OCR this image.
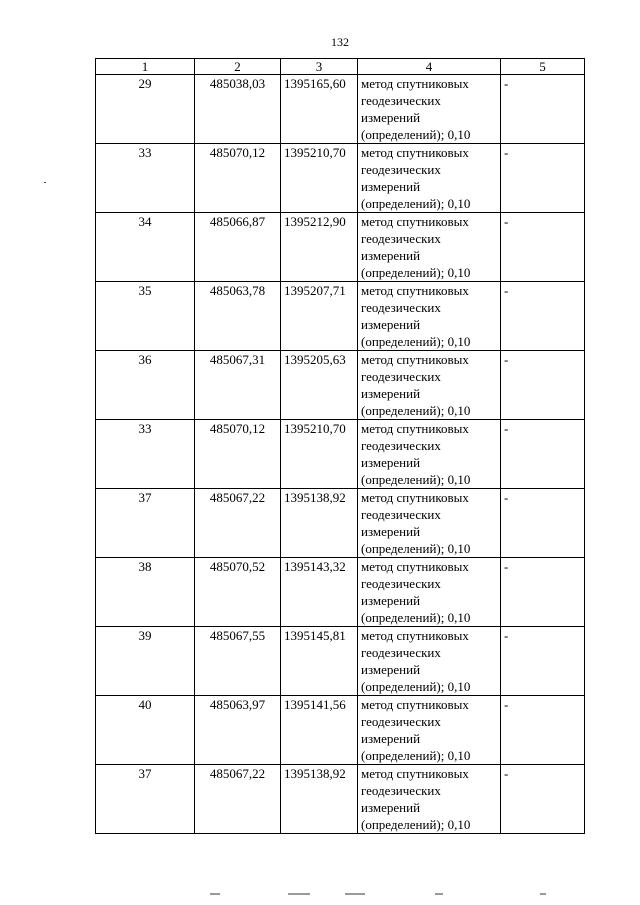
132
1	2	3	4	5
29	485038,03	1395165,60	метод спутниковых
геодезических
измерений
(определений); 0,10	-
33	485070,12	1395210,70	метод спутниковых
геодезических
измерений
(определений); 0,10	-
34	485066,87	1395212,90	метод спутниковых
геодезических
измерений
(определений); 0,10	-
35	485063,78	1395207,71	метод спутниковых
геодезических
измерений
(определений); 0,10	-
36	485067,31	1395205,63	метод спутниковых
геодезических
измерений
(определений); 0,10	-
33	485070,12	1395210,70	метод спутниковых
геодезических
измерений
(определений); 0,10	-
37	485067,22	1395138,92	метод спутниковых
геодезических
измерений
(определений); 0,10	-
38	485070,52	1395143,32	метод спутниковых
геодезических
измерений
(определений); 0,10	-
39	485067,55	1395145,81	метод спутниковых
геодезических
измерений
(определений); 0,10	-
40	485063,97	1395141,56	метод спутниковых
геодезических
измерений
(определений); 0,10	-
37	485067,22	1395138,92	метод спутниковых
геодезических
измерений
(определений); 0,10	-
